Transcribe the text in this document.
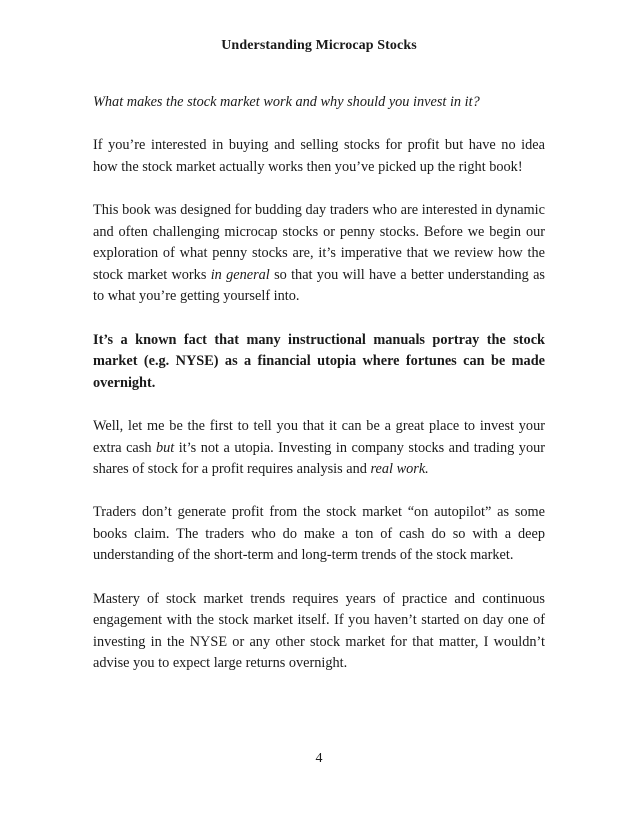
Understanding Microcap Stocks

What makes the stock market work and why should you invest in it?

If you’re interested in buying and selling stocks for profit but have no idea how the stock market actually works then you’ve picked up the right book!

This book was designed for budding day traders who are interested in dynamic and often challenging microcap stocks or penny stocks. Before we begin our exploration of what penny stocks are, it’s imperative that we review how the stock market works in general so that you will have a better understanding as to what you’re getting yourself into.

It’s a known fact that many instructional manuals portray the stock market (e.g. NYSE) as a financial utopia where fortunes can be made overnight.

Well, let me be the first to tell you that it can be a great place to invest your extra cash but it’s not a utopia. Investing in company stocks and trading your shares of stock for a profit requires analysis and real work.

Traders don’t generate profit from the stock market “on autopilot” as some books claim. The traders who do make a ton of cash do so with a deep understanding of the short-term and long-term trends of the stock market.

Mastery of stock market trends requires years of practice and continuous engagement with the stock market itself. If you haven’t started on day one of investing in the NYSE or any other stock market for that matter, I wouldn’t advise you to expect large returns overnight.

4
